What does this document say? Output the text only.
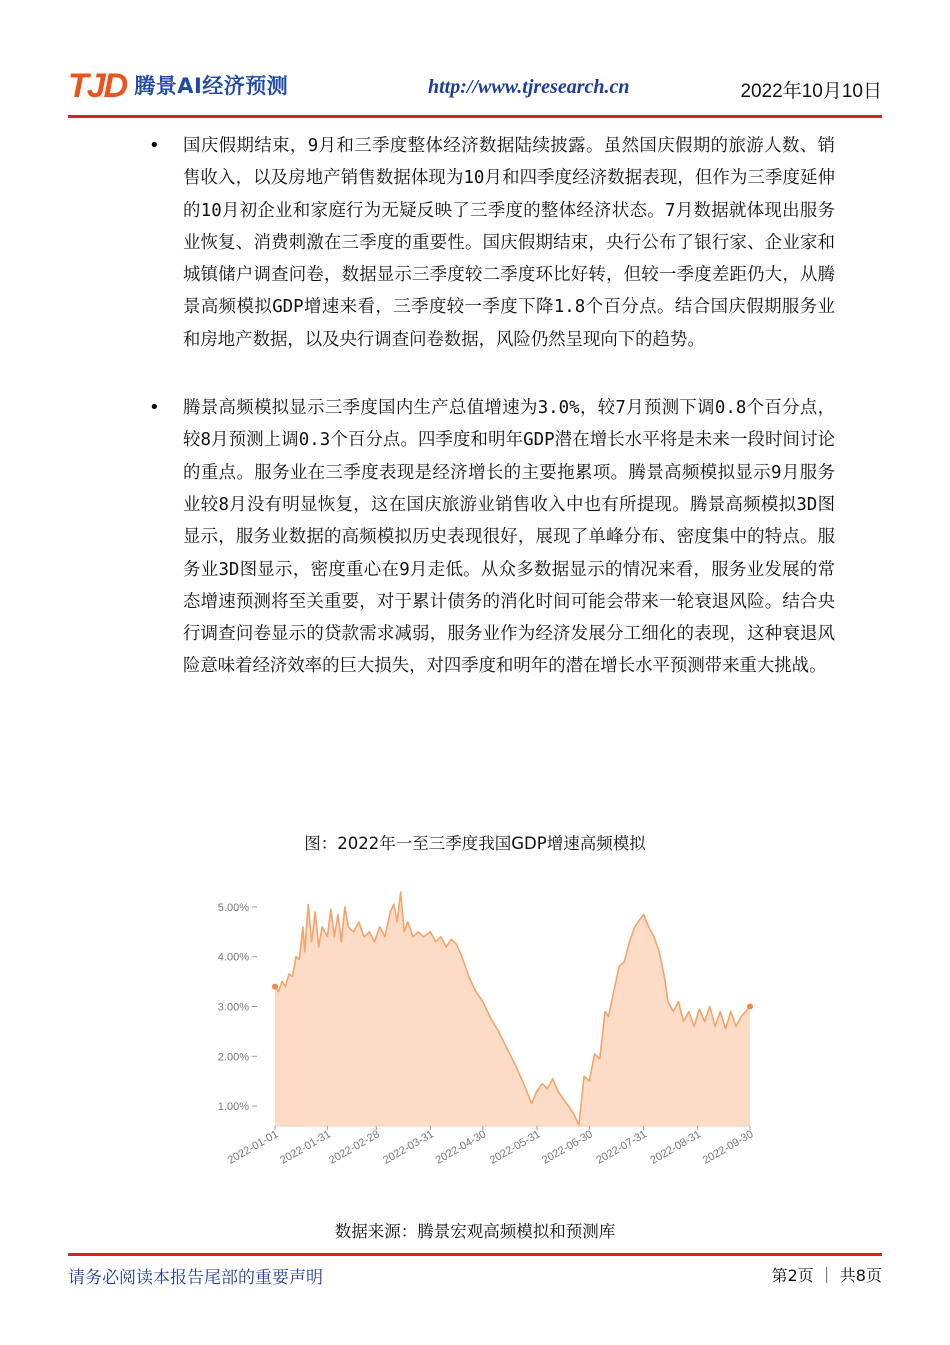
TJD 腾景AI经济预测	http://www.tjresearch.cn	2022年10月10日
• 国庆假期结束，9月和三季度整体经济数据陆续披露。虽然国庆假期的旅游人数、销售收入，以及房地产销售数据体现为10月和四季度经济数据表现，但作为三季度延伸的10月初企业和家庭行为无疑反映了三季度的整体经济状态。7月数据就体现出服务业恢复、消费刺激在三季度的重要性。国庆假期结束，央行公布了银行家、企业家和城镇储户调查问卷，数据显示三季度较二季度环比好转，但较一季度差距仍大，从腾景高频模拟GDP增速来看，三季度较一季度下降1.8个百分点。结合国庆假期服务业和房地产数据，以及央行调查问卷数据，风险仍然呈现向下的趋势。
• 腾景高频模拟显示三季度国内生产总值增速为3.0%，较7月预测下调0.8个百分点，较8月预测上调0.3个百分点。四季度和明年GDP潜在增长水平将是未来一段时间讨论的重点。服务业在三季度表现是经济增长的主要拖累项。腾景高频模拟显示9月服务业较8月没有明显恢复，这在国庆旅游业销售收入中也有所提现。腾景高频模拟3D图显示，服务业数据的高频模拟历史表现很好，展现了单峰分布、密度集中的特点。服务业3D图显示，密度重心在9月走低。从众多数据显示的情况来看，服务业发展的常态增速预测将至关重要，对于累计债务的消化时间可能会带来一轮衰退风险。结合央行调查问卷显示的贷款需求减弱，服务业作为经济发展分工细化的表现，这种衰退风险意味着经济效率的巨大损失，对四季度和明年的潜在增长水平预测带来重大挑战。
图：2022年一至三季度我国GDP增速高频模拟
1.00%
2.00%
3.00%
4.00%
5.00%
2022-01-01
2022-01-31
2022-02-28 2022-03-31
2022-04-30 2022-05-31
2022-06-30 2022-07-31 2022-08-31
2022-09-30
数据来源：腾景宏观高频模拟和预测库
请务必阅读本报告尾部的重要声明	第2页 ｜ 共8页
